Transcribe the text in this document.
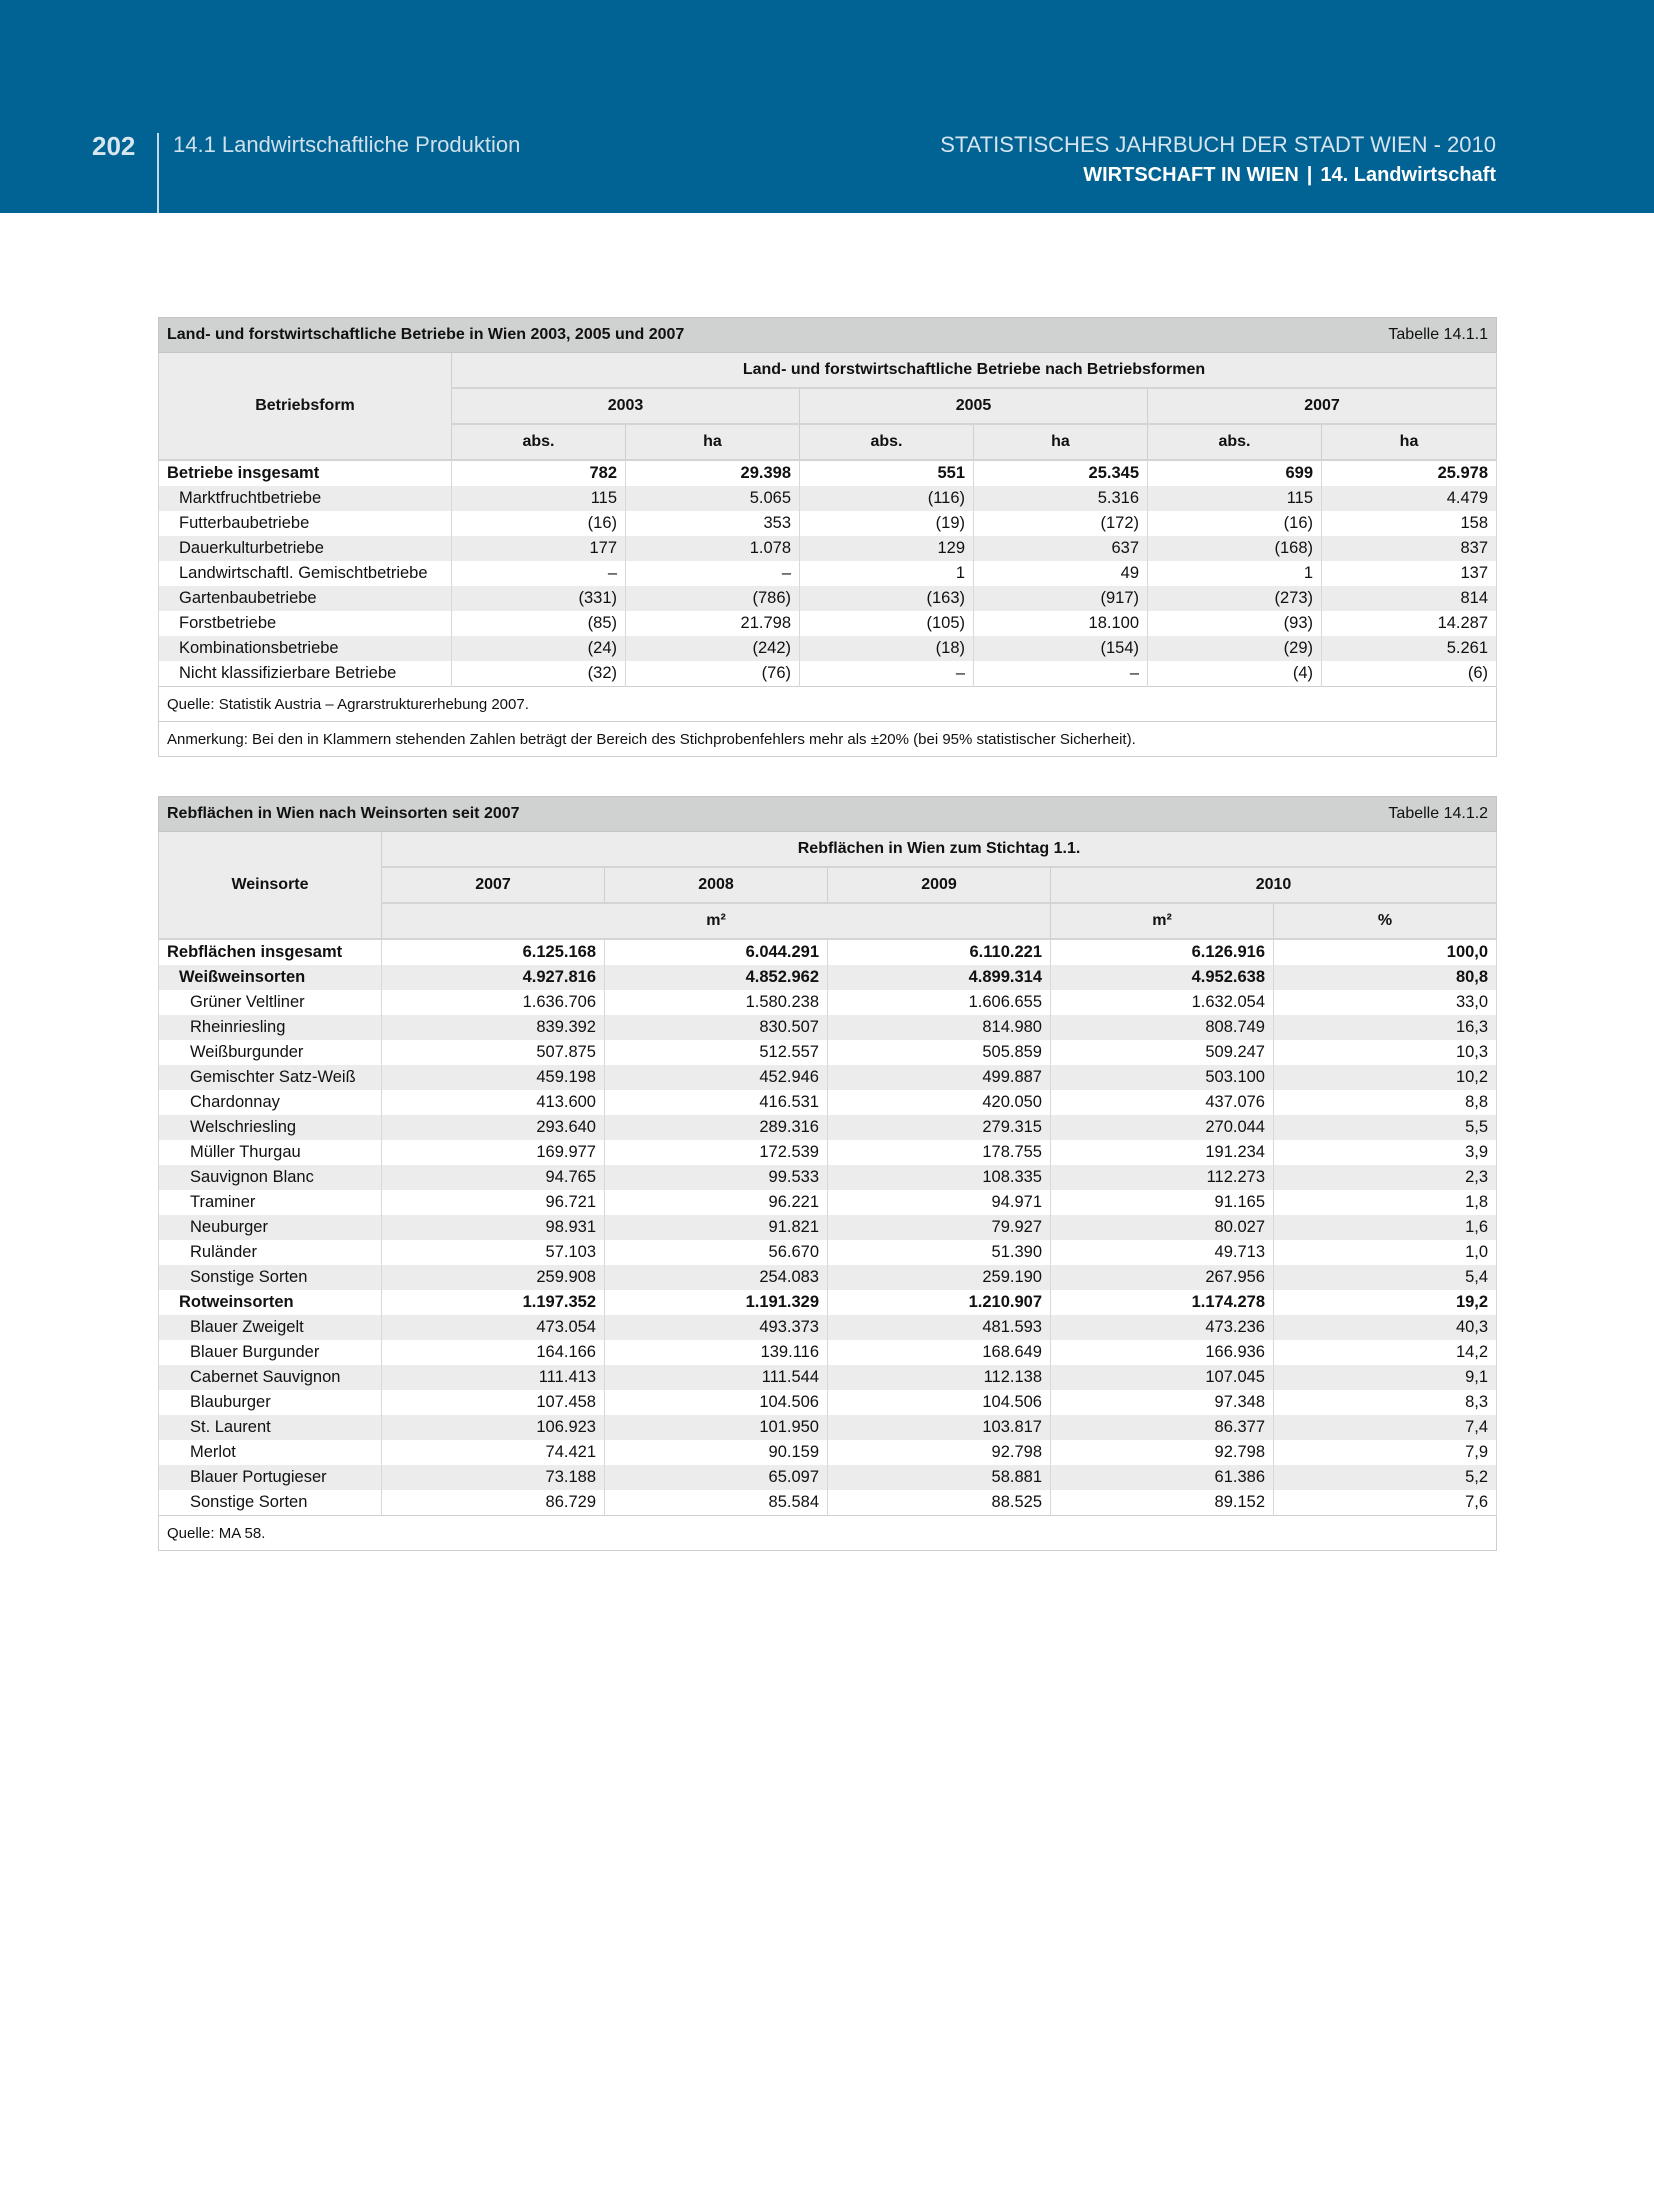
202 14.1 Landwirtschaftliche Produktion	STATISTISCHES JAHRBUCH DER STADT WIEN - 2010
WIRTSCHAFT IN WIEN | 14. Landwirtschaft
Land- und forstwirtschaftliche Betriebe in Wien 2003, 2005 und 2007 Tabelle 14.1.1						

Betriebsform	Land- und forstwirtschaftliche Betriebe nach Betriebsformen					
	2003		2005		2007	
	abs.	ha	abs.	ha	abs.	ha
Betriebe insgesamt	782	29.398	551	25.345	699	25.978
Marktfruchtbetriebe	115	5.065	(116)	5.316	115	4.479
Futterbaubetriebe	(16)	353	(19)	(172)	(16)	158
Dauerkulturbetriebe	177	1.078	129	637	(168)	837
Landwirtschaftl. Gemischtbetriebe	–	–	1	49	1	137
Gartenbaubetriebe	(331)	(786)	(163)	(917)	(273)	814
Forstbetriebe	(85)	21.798	(105)	18.100	(93)	14.287
Kombinationsbetriebe	(24)	(242)	(18)	(154)	(29)	5.261
Nicht klassifizierbare Betriebe	(32)	(76)	–	–	(4)	(6)
Quelle: Statistik Austria – Agrarstrukturerhebung 2007.						
Anmerkung: Bei den in Klammern stehenden Zahlen beträgt der Bereich des Stichprobenfehlers mehr als ±20% (bei 95% statistischer Sicherheit).						
Rebflächen in Wien nach Weinsorten seit 2007 Tabelle 14.1.2					

Weinsorte	Rebflächen in Wien zum Stichtag 1.1.				
	2007	2008	2009	2010	
	m²			m²	%
Rebflächen insgesamt	6.125.168	6.044.291	6.110.221	6.126.916	100,0
Weißweinsorten	4.927.816	4.852.962	4.899.314	4.952.638	80,8
Grüner Veltliner	1.636.706	1.580.238	1.606.655	1.632.054	33,0
Rheinriesling	839.392	830.507	814.980	808.749	16,3
Weißburgunder	507.875	512.557	505.859	509.247	10,3
Gemischter Satz-Weiß	459.198	452.946	499.887	503.100	10,2
Chardonnay	413.600	416.531	420.050	437.076	8,8
Welschriesling	293.640	289.316	279.315	270.044	5,5
Müller Thurgau	169.977	172.539	178.755	191.234	3,9
Sauvignon Blanc	94.765	99.533	108.335	112.273	2,3
Traminer	96.721	96.221	94.971	91.165	1,8
Neuburger	98.931	91.821	79.927	80.027	1,6
Ruländer	57.103	56.670	51.390	49.713	1,0
Sonstige Sorten	259.908	254.083	259.190	267.956	5,4
Rotweinsorten	1.197.352	1.191.329	1.210.907	1.174.278	19,2
Blauer Zweigelt	473.054	493.373	481.593	473.236	40,3
Blauer Burgunder	164.166	139.116	168.649	166.936	14,2
Cabernet Sauvignon	111.413	111.544	112.138	107.045	9,1
Blauburger	107.458	104.506	104.506	97.348	8,3
St. Laurent	106.923	101.950	103.817	86.377	7,4
Merlot	74.421	90.159	92.798	92.798	7,9
Blauer Portugieser	73.188	65.097	58.881	61.386	5,2
Sonstige Sorten	86.729	85.584	88.525	89.152	7,6
Quelle: MA 58.					
